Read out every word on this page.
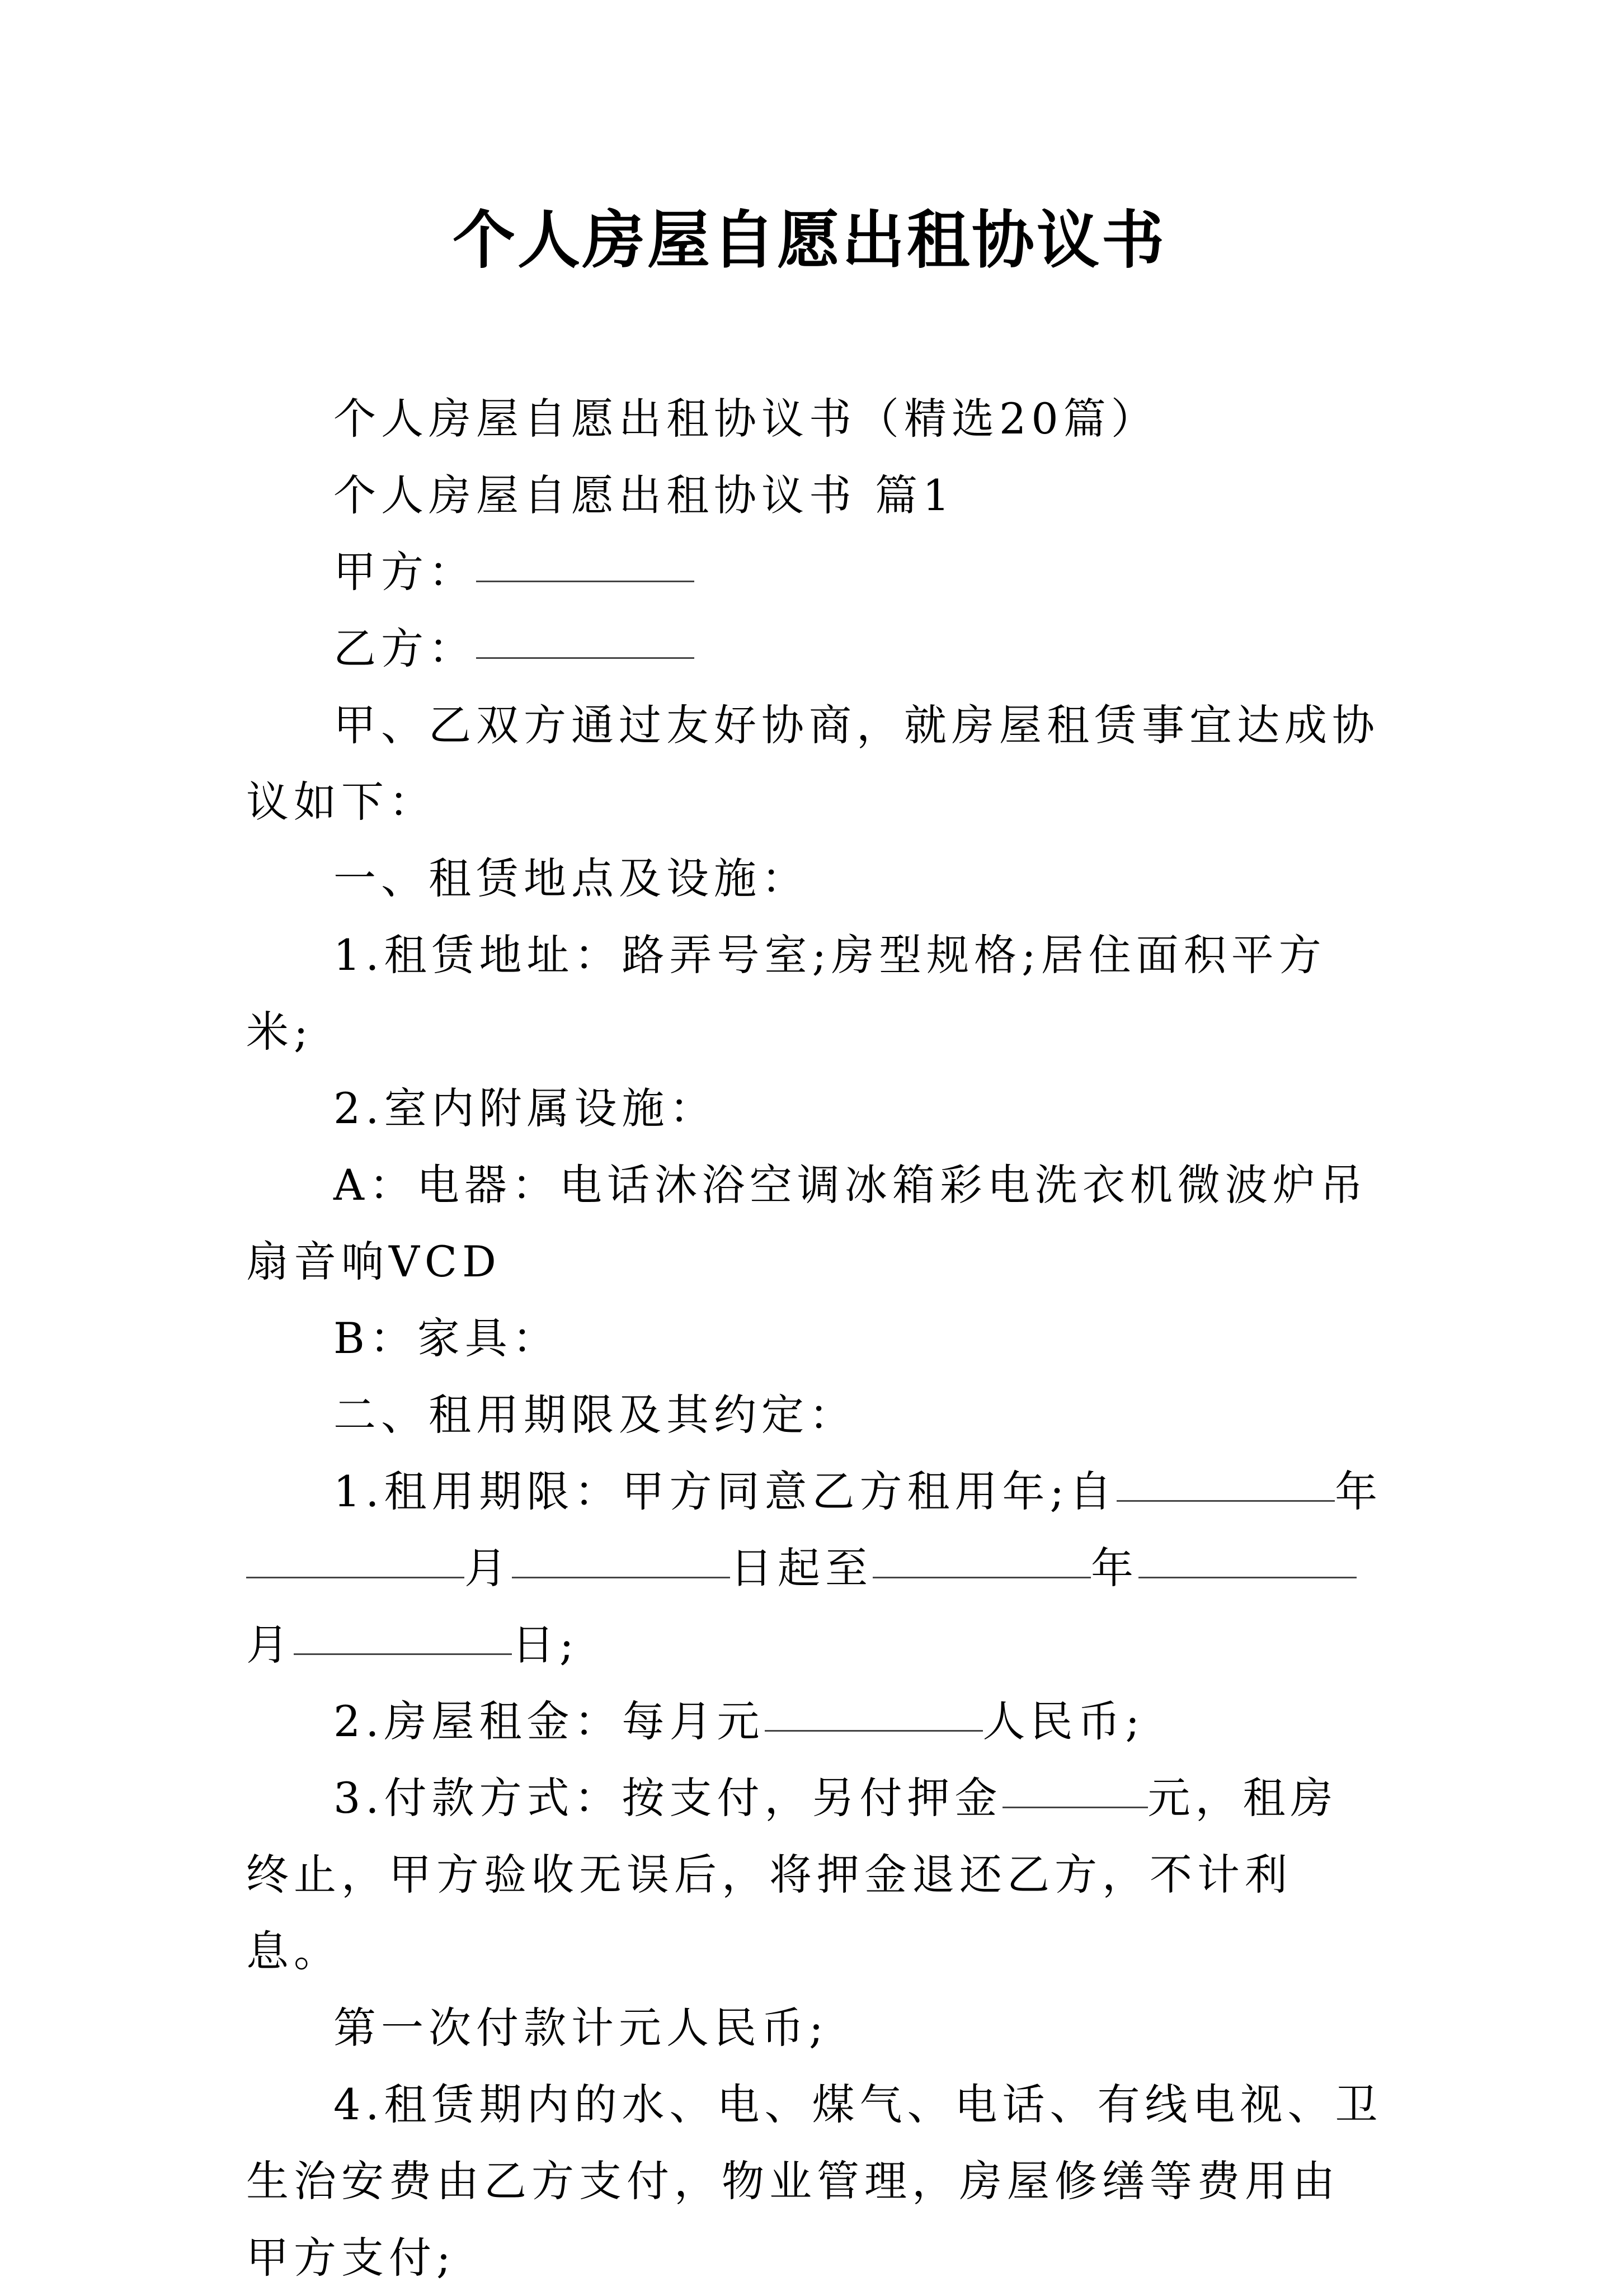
个人房屋自愿出租协议书

个人房屋自愿出租协议书（精选20篇）

个人房屋自愿出租协议书 篇1

甲方：

乙方：

甲、乙双方通过友好协商，就房屋租赁事宜达成协议如下：

一、租赁地点及设施：

1.租赁地址：路弄号室;房型规格;居住面积平方米;

2.室内附属设施：

A：电器：电话沐浴空调冰箱彩电洗衣机微波炉吊扇音响VCD

B：家具：

二、租用期限及其约定：

1.租用期限：甲方同意乙方租用年;自	年月	日起至	年月	日;

2.房屋租金：每月元	人民币;

3.付款方式：按支付，另付押金	元，租房终止，甲方验收无误后，将押金退还乙方，不计利息。

第一次付款计元人民币;

4.租赁期内的水、电、煤气、电话、有线电视、卫生治安费由乙方支付，物业管理，房屋修缮等费用由甲方支付;
